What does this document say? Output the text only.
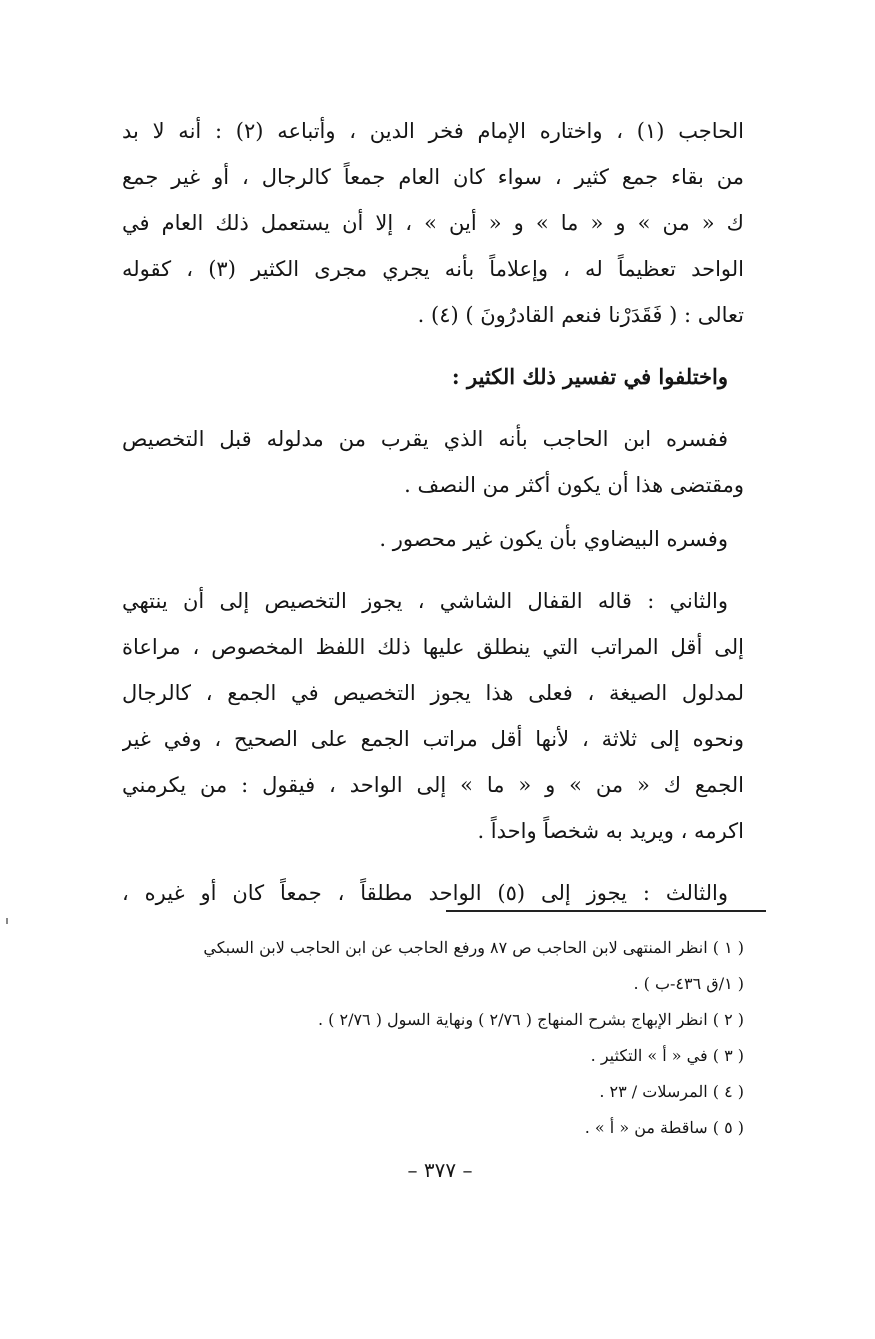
الحاجب (١) ، واختاره الإمام فخر الدين ، وأتباعه (٢) : أنه لا بد
من بقاء جمع كثير ، سواء كان العام جمعاً كالرجال ، أو غير جمع
ك « من » و « ما » و « أين » ، إلا أن يستعمل ذلك العام في
الواحد تعظيماً له ، وإعلاماً بأنه يجري مجرى الكثير (٣) ، كقوله
تعالى : ( فَقَدَرْنا فنعم القادرُونَ ) (٤) .
واختلفوا في تفسير ذلك الكثير :
ففسره ابن الحاجب بأنه الذي يقرب من مدلوله قبل التخصيص
ومقتضى هذا أن يكون أكثر من النصف .
وفسره البيضاوي بأن يكون غير محصور .
والثاني : قاله القفال الشاشي ، يجوز التخصيص إلى أن ينتهي
إلى أقل المراتب التي ينطلق عليها ذلك اللفظ المخصوص ، مراعاة
لمدلول الصيغة ، فعلى هذا يجوز التخصيص في الجمع ، كالرجال
ونحوه إلى ثلاثة ، لأنها أقل مراتب الجمع على الصحيح ، وفي غير
الجمع ك « من » و « ما » إلى الواحد ، فيقول : من يكرمني
اكرمه ، ويريد به شخصاً واحداً .
والثالث : يجوز إلى (٥) الواحد مطلقاً ، جمعاً كان أو غيره ،
( ١ ) انظر المنتهى لابن الحاجب ص ٨٧ ورفع الحاجب عن ابن الحاجب لابن السبكي
( ١/ق ٤٣٦-ب ) .
( ٢ ) انظر الإبهاج بشرح المنهاج ( ٢/٧٦ ) ونهاية السول ( ٢/٧٦ ) .
( ٣ ) في « أ » التكثير .
( ٤ ) المرسلات / ٢٣ .
( ٥ ) ساقطة من « أ » .
– ٣٧٧ –
